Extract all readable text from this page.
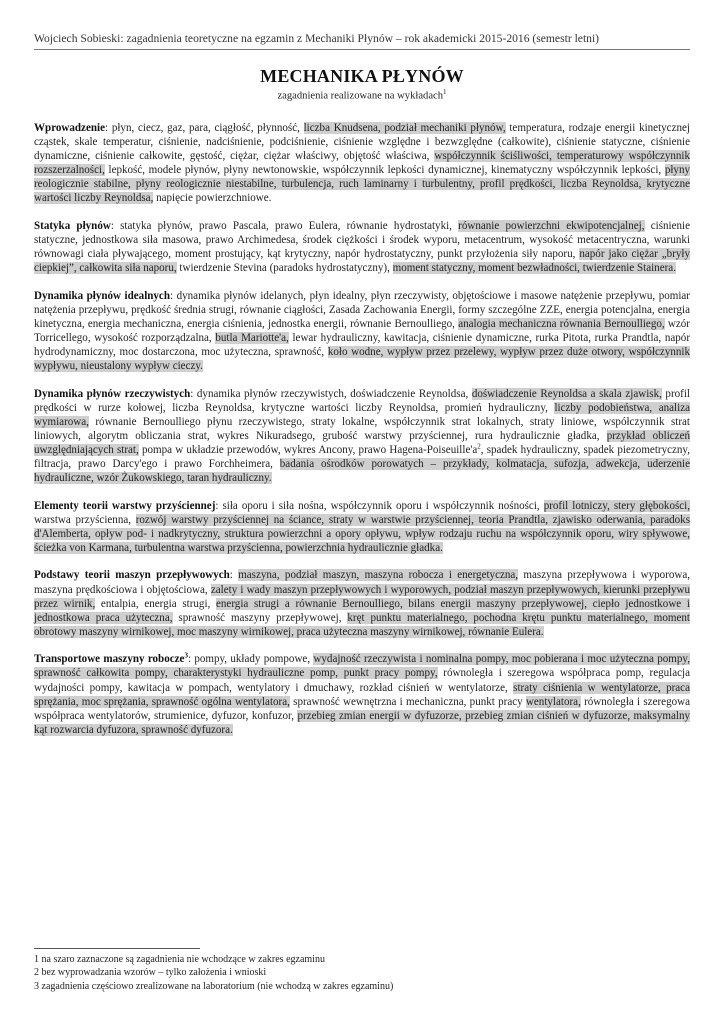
Wojciech Sobieski: zagadnienia teoretyczne na egzamin z Mechaniki Płynów – rok akademicki 2015-2016 (semestr letni)
MECHANIKA PŁYNÓW
zagadnienia realizowane na wykładach$^1$

Wprowadzenie: płyn, ciecz, gaz, para, ciągłość, płynność, liczba Knudsena, podział mechaniki płynów, temperatura, rodzaje energii kinetycznej cząstek, skale temperatur, ciśnienie, nadciśnienie, podciśnienie, ciśnienie względne i bezwzględne (całkowite), ciśnienie statyczne, ciśnienie dynamiczne, ciśnienie całkowite, gęstość, ciężar, ciężar właściwy, objętość właściwa, współczynnik ściśliwości, temperaturowy współczynnik rozszerzalności, lepkość, modele płynów, płyny newtonowskie, współczynnik lepkości dynamicznej, kinematyczny współczynnik lepkości, płyny reologicznie stabilne, płyny reologicznie niestabilne, turbulencja, ruch laminarny i turbulentny, profil prędkości, liczba Reynoldsa, krytyczne wartości liczby Reynoldsa, napięcie powierzchniowe.

Statyka płynów: statyka płynów, prawo Pascala, prawo Eulera, równanie hydrostatyki, równanie powierzchni ekwipotencjalnej, ciśnienie statyczne, jednostkowa siła masowa, prawo Archimedesa, środek ciężkości i środek wyporu, metacentrum, wysokość metacentryczna, warunki równowagi ciała pływającego, moment prostujący, kąt krytyczny, napór hydrostatyczny, punkt przyłożenia siły naporu, napór jako ciężar „bryły ciepkiej”, całkowita siła naporu, twierdzenie Stevina (paradoks hydrostatyczny), moment statyczny, moment bezwładności, twierdzenie Stainera.

Dynamika płynów idealnych: dynamika płynów idelanych, płyn idealny, płyn rzeczywisty, objętościowe i masowe natężenie przepływu, pomiar natężenia przepływu, prędkość średnia strugi, równanie ciągłości, Zasada Zachowania Energii, formy szczególne ZZE, energia potencjalna, energia kinetyczna, energia mechaniczna, energia ciśnienia, jednostka energii, równanie Bernoulliego, analogia mechaniczna równania Bernoulliego, wzór Torricellego, wysokość rozporządzalna, butla Mariotte'a, lewar hydrauliczny, kawitacja, ciśnienie dynamiczne, rurka Pitota, rurka Prandtla, napór hydrodynamiczny, moc dostarczona, moc użyteczna, sprawność, koło wodne, wypływ przez przelewy, wypływ przez duże otwory, współczynnik wypływu, nieustalony wypływ cieczy.

Dynamika płynów rzeczywistych: dynamika płynów rzeczywistych, doświadczenie Reynoldsa, doświadczenie Reynoldsa a skala zjawisk, profil prędkości w rurze kołowej, liczba Reynoldsa, krytyczne wartości liczby Reynoldsa, promień hydrauliczny, liczby podobieństwa, analiza wymiarowa, równanie Bernoulliego płynu rzeczywistego, straty lokalne, współczynnik strat lokalnych, straty liniowe, współczynnik strat liniowych, algorytm obliczania strat, wykres Nikuradsego, grubość warstwy przyściennej, rura hydraulicznie gładka, przykład obliczeń uwzględniających strat, pompa w układzie przewodów, wykres Ancony, prawo Hagena-$Poiseuille'a^2$, spadek hydrauliczny, spadek piezometryczny, filtracja, prawo Darcy'ego i prawo Forchheimera, badania ośrodków porowatych – przykłady, kolmatacja, sufozja, adwekcja, uderzenie hydrauliczne, wzór Żukowskiego, taran hydrauliczny.

Elementy teorii warstwy przyściennej: siła oporu i siła nośna, współczynnik oporu i współczynnik nośności, profil lotniczy, stery głębokości, warstwa przyścienna, rozwój warstwy przyściennej na ściance, straty w warstwie przyściennej, teoria Prandtla, zjawisko oderwania, paradoks d'Alemberta, opływ pod- i nadkrytyczny, struktura powierzchni a opory opływu, wpływ rodzaju ruchu na współczynnik oporu, wiry spływowe, ścieżka von Karmana, turbulentna warstwa przyścienna, powierzchnia hydraulicznie gładka.

Podstawy teorii maszyn przepływowych: maszyna, podział maszyn, maszyna robocza i energetyczna, maszyna przepływowa i wyporowa, maszyna prędkościowa i objętościowa, zalety i wady maszyn przepływowych i wyporowych, podział maszyn przepływowych, kierunki przepływu przez wirnik, entalpia, energia strugi, energia strugi a równanie Bernoulliego, bilans energii maszyny przepływowej, ciepło jednostkowe i jednostkowa praca użyteczna, sprawność maszyny przepływowej, kręt punktu materialnego, pochodna krętu punktu materialnego, moment obrotowy maszyny wirnikowej, moc maszyny wirnikowej, praca użyteczna maszyny wirnikowej, równanie Eulera.

Transportowe maszyny robocze$^3$: pompy, układy pompowe, wydajność rzeczywista i nominalna pompy, moc pobierana i moc użyteczna pompy, sprawność całkowita pompy, charakterystyki hydrauliczne pomp, punkt pracy pompy, równoległa i szeregowa współpraca pomp, regulacja wydajności pompy, kawitacja w pompach, wentylatory i dmuchawy, rozkład ciśnień w wentylatorze, straty ciśnienia w wentylatorze, praca sprężania, moc sprężania, sprawność ogólna wentylatora, sprawność wewnętrzna i mechaniczna, punkt pracy wentylatora, równoległa i szeregowa współpraca wentylatorów, strumienice, dyfuzor, konfuzor, przebieg zmian energii w dyfuzorze, przebieg zmian ciśnień w dyfuzorze, maksymalny kąt rozwarcia dyfuzora, sprawność dyfuzora.

1 na szaro zaznaczone są zagadnienia nie wchodzące w zakres egzaminu
2 bez wyprowadzania wzorów – tylko założenia i wnioski
3 zagadnienia częściowo zrealizowane na laboratorium (nie wchodzą w zakres egzaminu)
